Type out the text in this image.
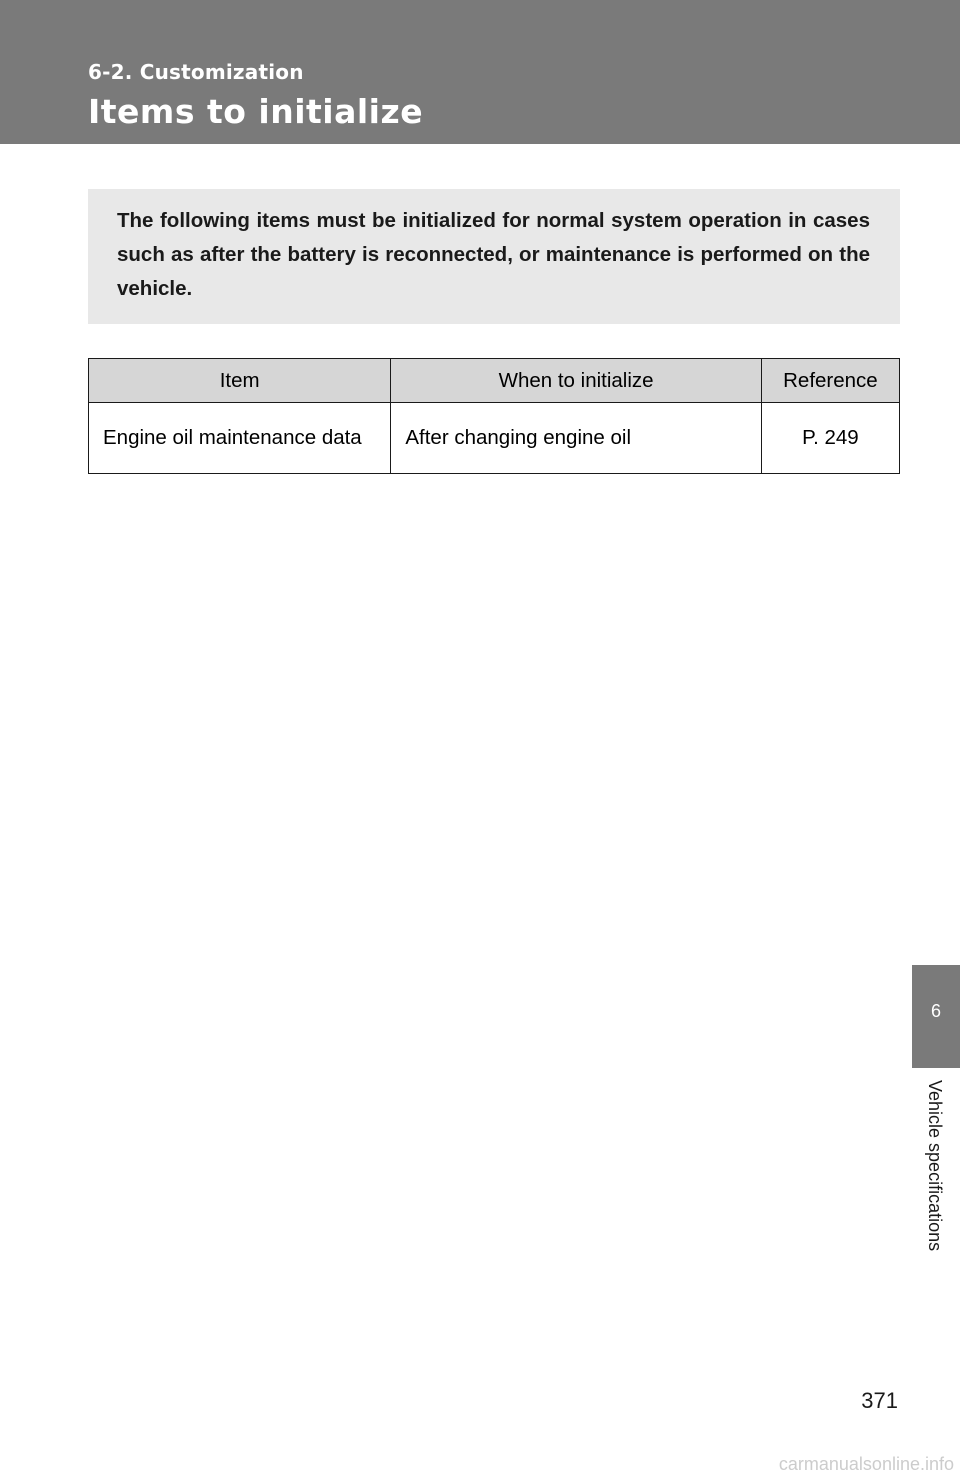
6-2. Customization
Items to initialize

The following items must be initialized for normal system operation in cases such as after the battery is reconnected, or maintenance is performed on the vehicle.

Item	When to initialize	Reference
Engine oil maintenance data	After changing engine oil	P. 249
6
Vehicle specifications
371
carmanualsonline.info
